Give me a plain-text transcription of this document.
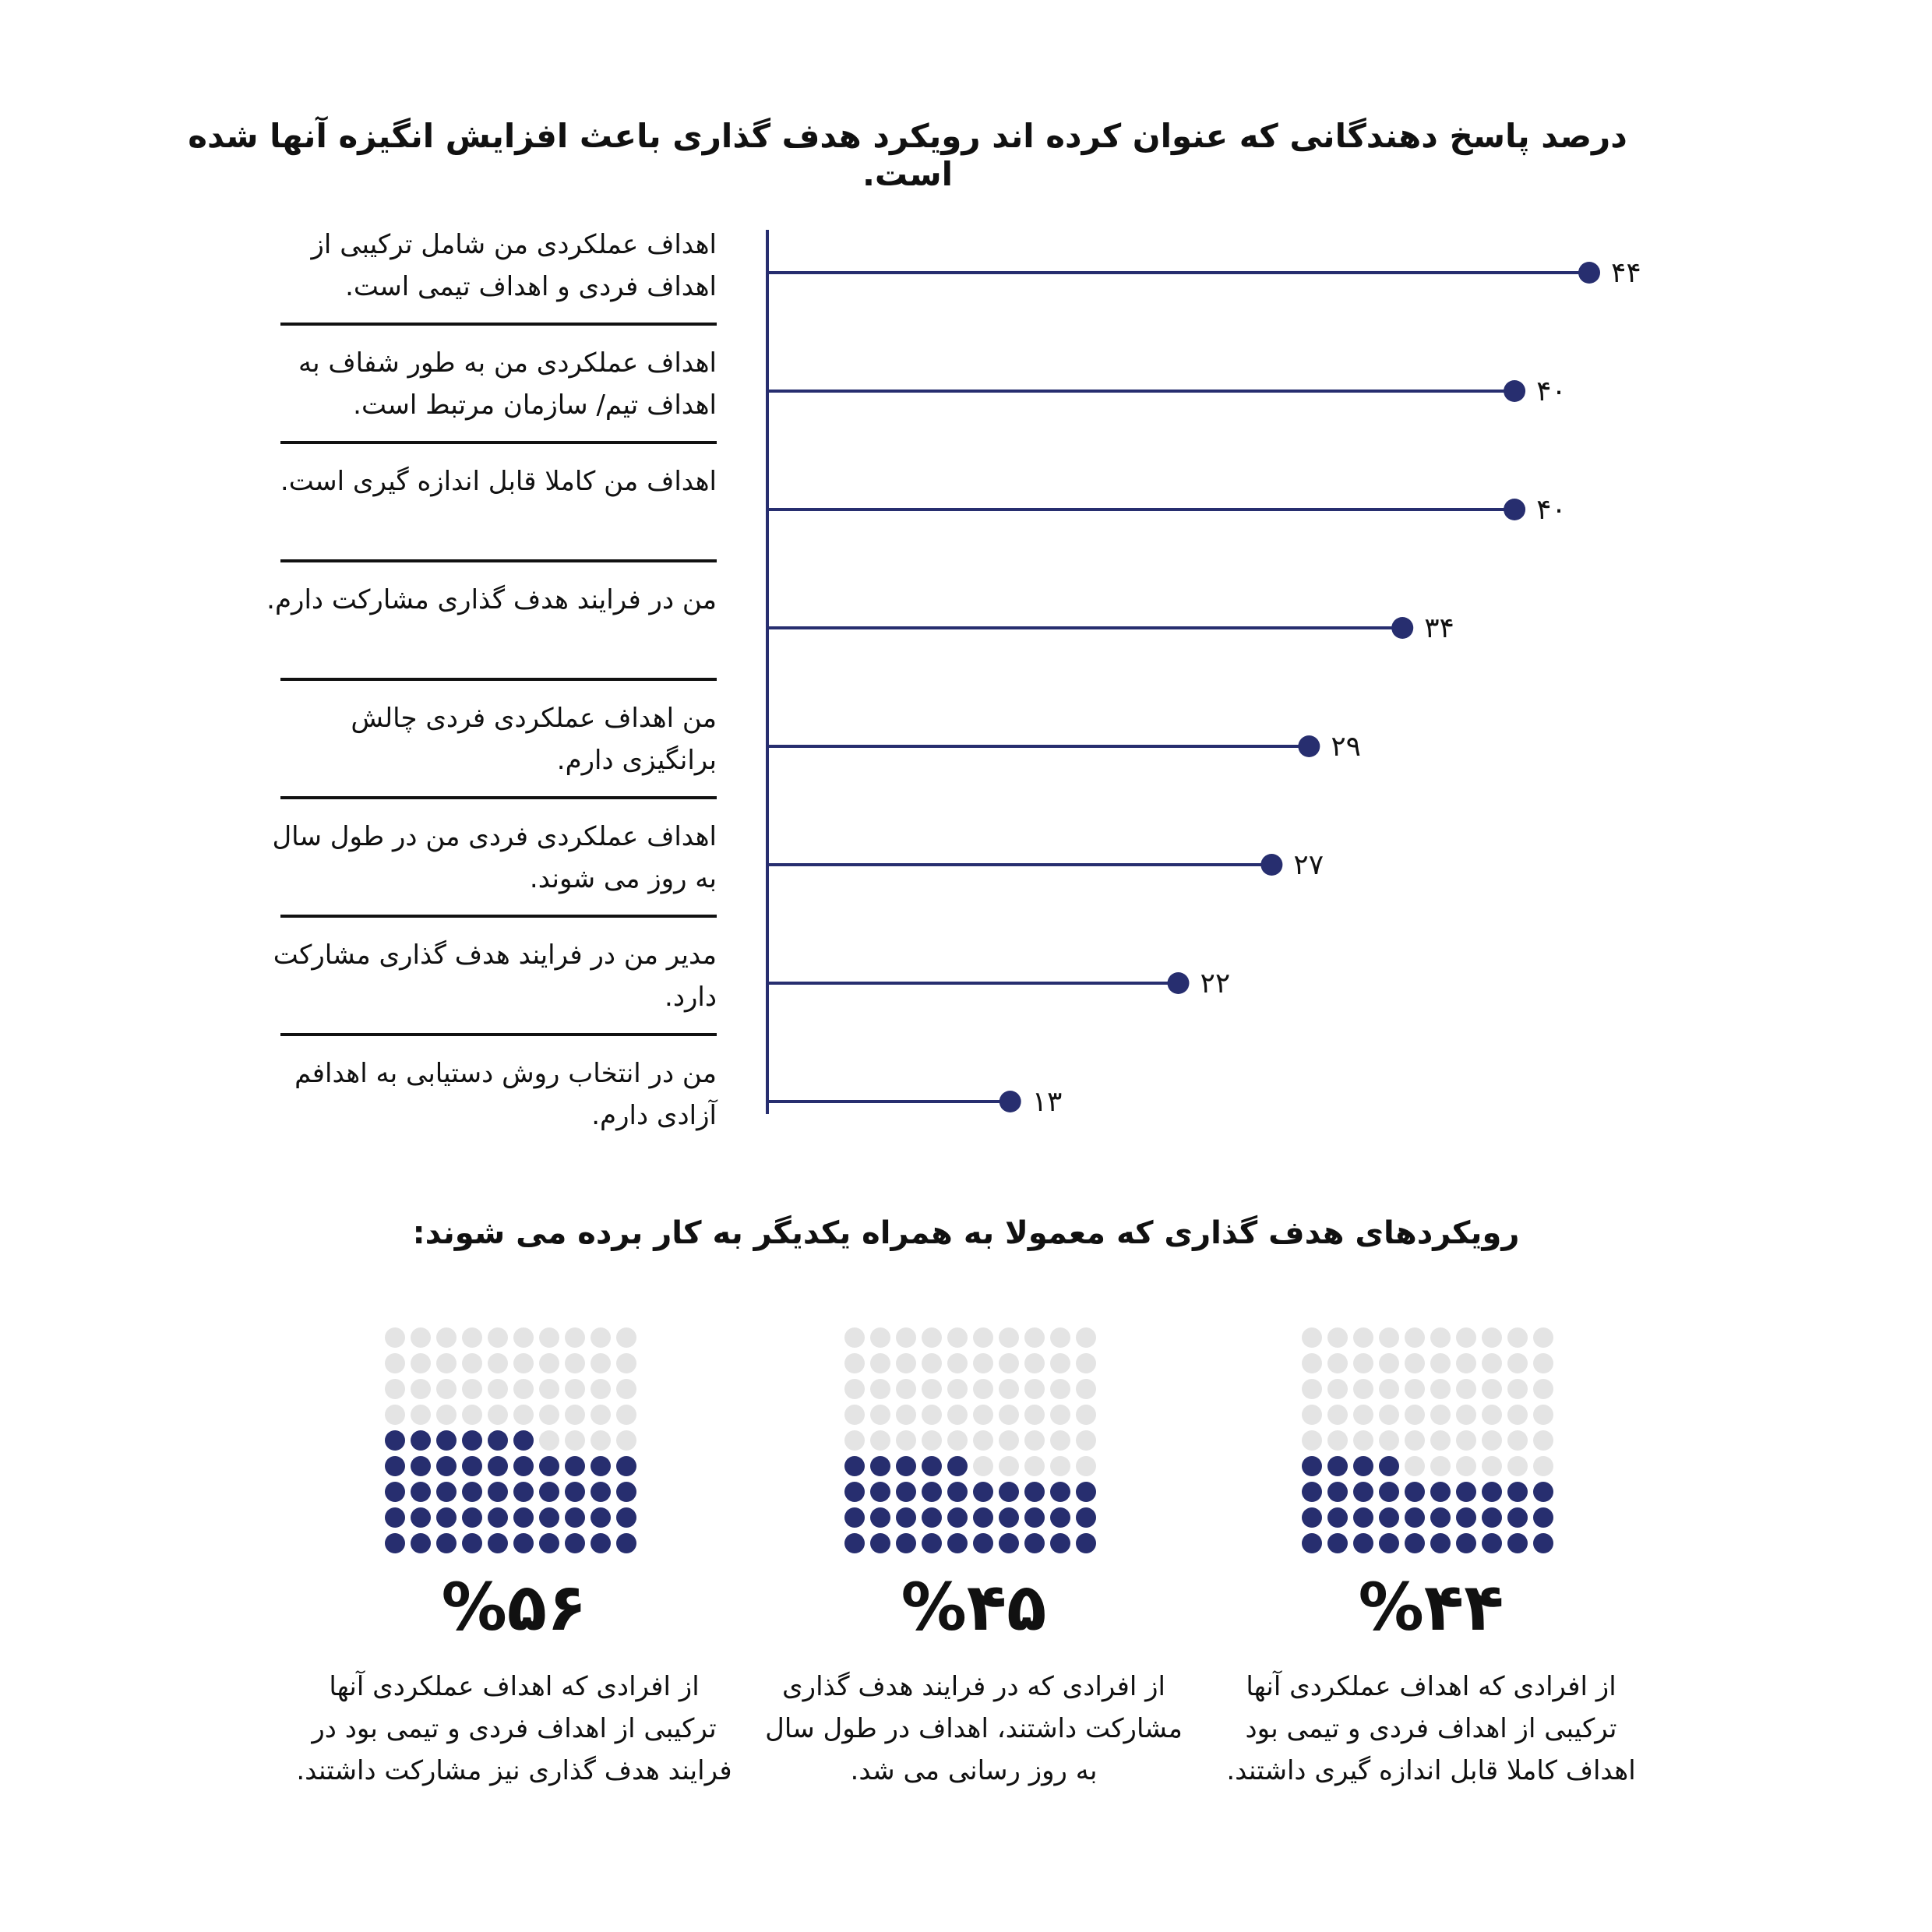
درصد پاسخ دهندگانی که عنوان کرده اند رویکرد هدف گذاری باعث افزایش انگیزه آنها شده است.
اهداف عملکردی من شامل ترکیبی از اهداف فردی و اهداف تیمی است.
اهداف عملکردی من به طور شفاف به اهداف تیم/ سازمان مرتبط است.
اهداف من کاملا قابل اندازه گیری است.
من در فرایند هدف گذاری مشارکت دارم.
من اهداف عملکردی فردی چالش برانگیزی دارم.
اهداف عملکردی فردی من در طول سال به روز می شوند.
مدیر من در فرایند هدف گذاری مشارکت دارد.
من در انتخاب روش دستیابی به اهدافم آزادی دارم.
۴۴
۴۰
۴۰
۳۴
۲۹
۲۷
۲۲
۱۳
رویکردهای هدف گذاری که معمولا به همراه یکدیگر به کار برده می شوند:
%۴۴
از افرادی که اهداف عملکردی آنها ترکیبی از اهداف فردی و تیمی بود اهداف کاملا قابل اندازه گیری داشتند.
%۴۵
از افرادی که در فرایند هدف گذاری مشارکت داشتند، اهداف در طول سال به روز رسانی می شد.
%۵۶
از افرادی که اهداف عملکردی آنها ترکیبی از اهداف فردی و تیمی بود در فرایند هدف گذاری نیز مشارکت داشتند.
